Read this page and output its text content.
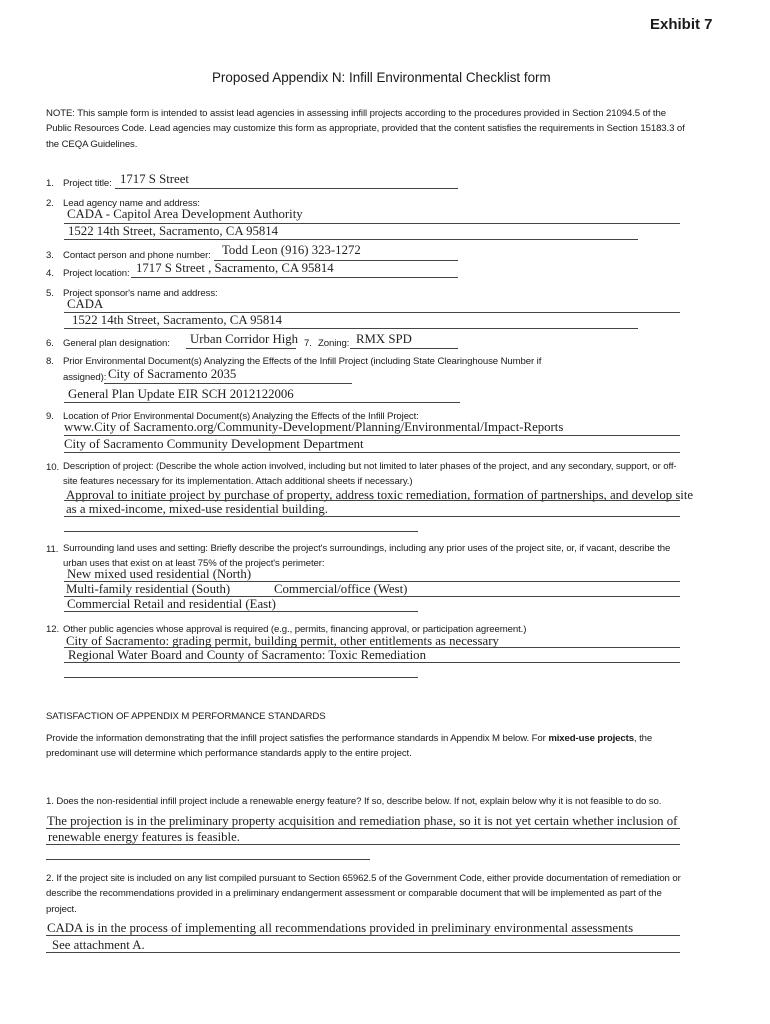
Exhibit 7
Proposed Appendix N: Infill Environmental Checklist form
NOTE: This sample form is intended to assist lead agencies in assessing infill projects according to the procedures provided in Section 21094.5 of the Public Resources Code. Lead agencies may customize this form as appropriate, provided that the content satisfies the requirements in Section 15183.3 of the CEQA Guidelines.
1. Project title: 1717 S Street
2. Lead agency name and address:
CADA - Capitol Area Development Authority
1522 14th Street, Sacramento, CA 95814
3. Contact person and phone number: Todd Leon (916) 323-1272
4. Project location: 1717 S Street , Sacramento, CA 95814
5. Project sponsor's name and address:
CADA
1522 14th Street, Sacramento, CA 95814
6. General plan designation: Urban Corridor High 7. Zoning: RMX SPD
8. Prior Environmental Document(s) Analyzing the Effects of the Infill Project (including State Clearinghouse Number if
assigned): City of Sacramento 2035
General Plan Update EIR SCH 2012122006
9. Location of Prior Environmental Document(s) Analyzing the Effects of the Infill Project:
www.City of Sacramento.org/Community-Development/Planning/Environmental/Impact-Reports
City of Sacramento Community Development Department
10. Description of project: (Describe the whole action involved, including but not limited to later phases of the project, and any secondary, support, or off-site features necessary for its implementation. Attach additional sheets if necessary.)
Approval to initiate project by purchase of property, address toxic remediation, formation of partnerships, and develop site
as a mixed-income, mixed-use residential building.
11. Surrounding land uses and setting: Briefly describe the project's surroundings, including any prior uses of the project site, or, if vacant, describe the urban uses that exist on at least 75% of the project's perimeter:
New mixed used residential (North)
Multi-family residential (South)	Commercial/office (West)
Commercial Retail and residential (East)
12. Other public agencies whose approval is required (e.g., permits, financing approval, or participation agreement.)
City of Sacramento: grading permit, building permit, other entitlements as necessary
Regional Water Board and County of Sacramento: Toxic Remediation
SATISFACTION OF APPENDIX M PERFORMANCE STANDARDS
Provide the information demonstrating that the infill project satisfies the performance standards in Appendix M below. For mixed-use projects, the predominant use will determine which performance standards apply to the entire project.
1. Does the non-residential infill project include a renewable energy feature? If so, describe below. If not, explain below why it is not feasible to do so.
The projection is in the preliminary property acquisition and remediation phase, so it is not yet certain whether inclusion of
renewable energy features is feasible.
2. If the project site is included on any list compiled pursuant to Section 65962.5 of the Government Code, either provide documentation of remediation or describe the recommendations provided in a preliminary endangerment assessment or comparable document that will be implemented as part of the project.
CADA is in the process of implementing all recommendations provided in preliminary environmental assessments
See attachment A.
